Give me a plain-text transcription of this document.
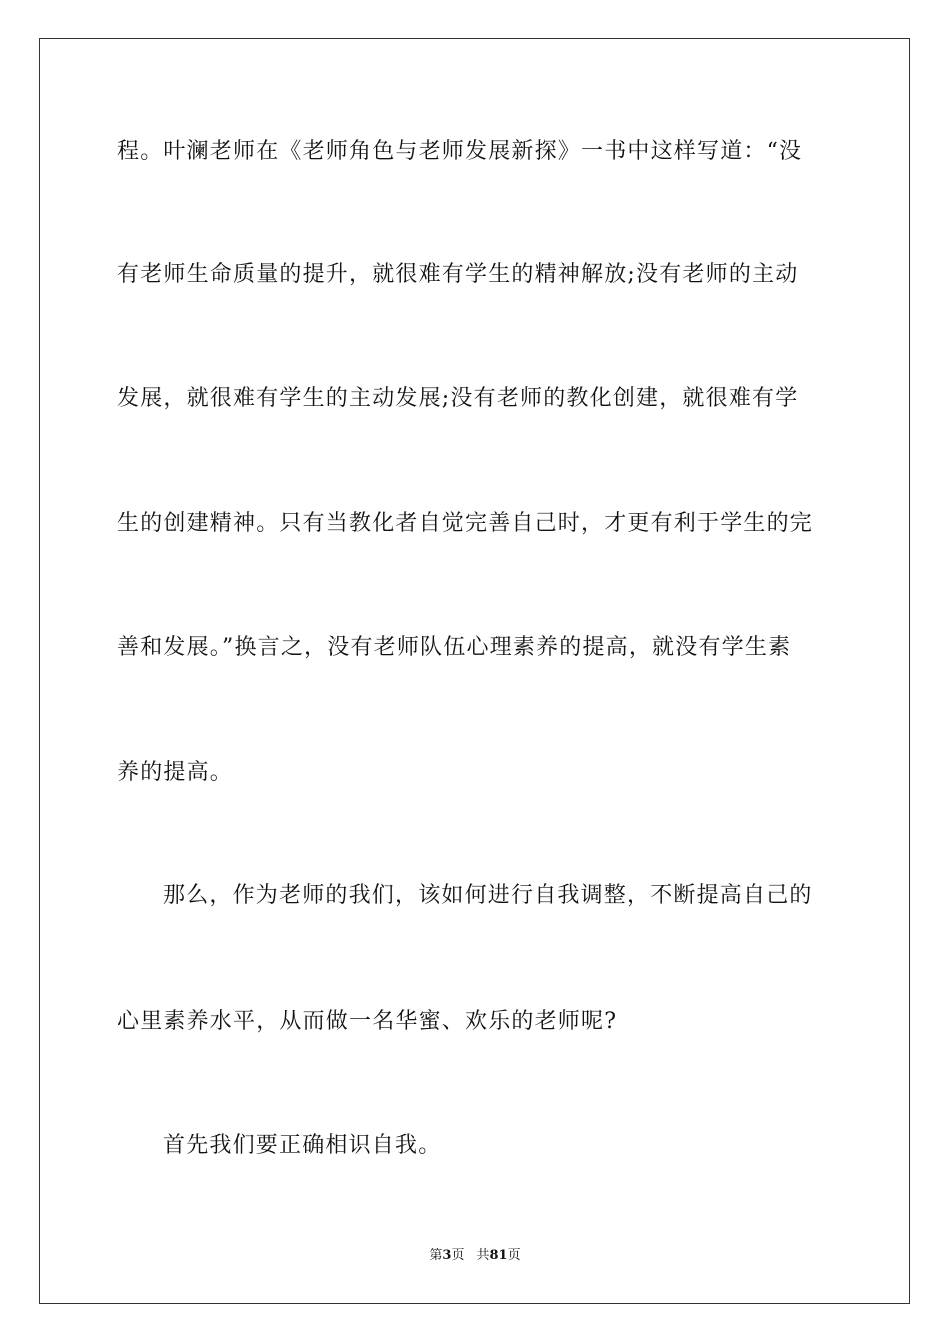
程。叶澜老师在《老师角色与老师发展新探》一书中这样写道：“没
有老师生命质量的提升，就很难有学生的精神解放;没有老师的主动
发展，就很难有学生的主动发展;没有老师的教化创建，就很难有学
生的创建精神。只有当教化者自觉完善自己时，才更有利于学生的完
善和发展。”换言之，没有老师队伍心理素养的提高，就没有学生素
养的提高。
那么，作为老师的我们，该如何进行自我调整，不断提高自己的
心里素养水平，从而做一名华蜜、欢乐的老师呢?
首先我们要正确相识自我。
第3页 共81页
